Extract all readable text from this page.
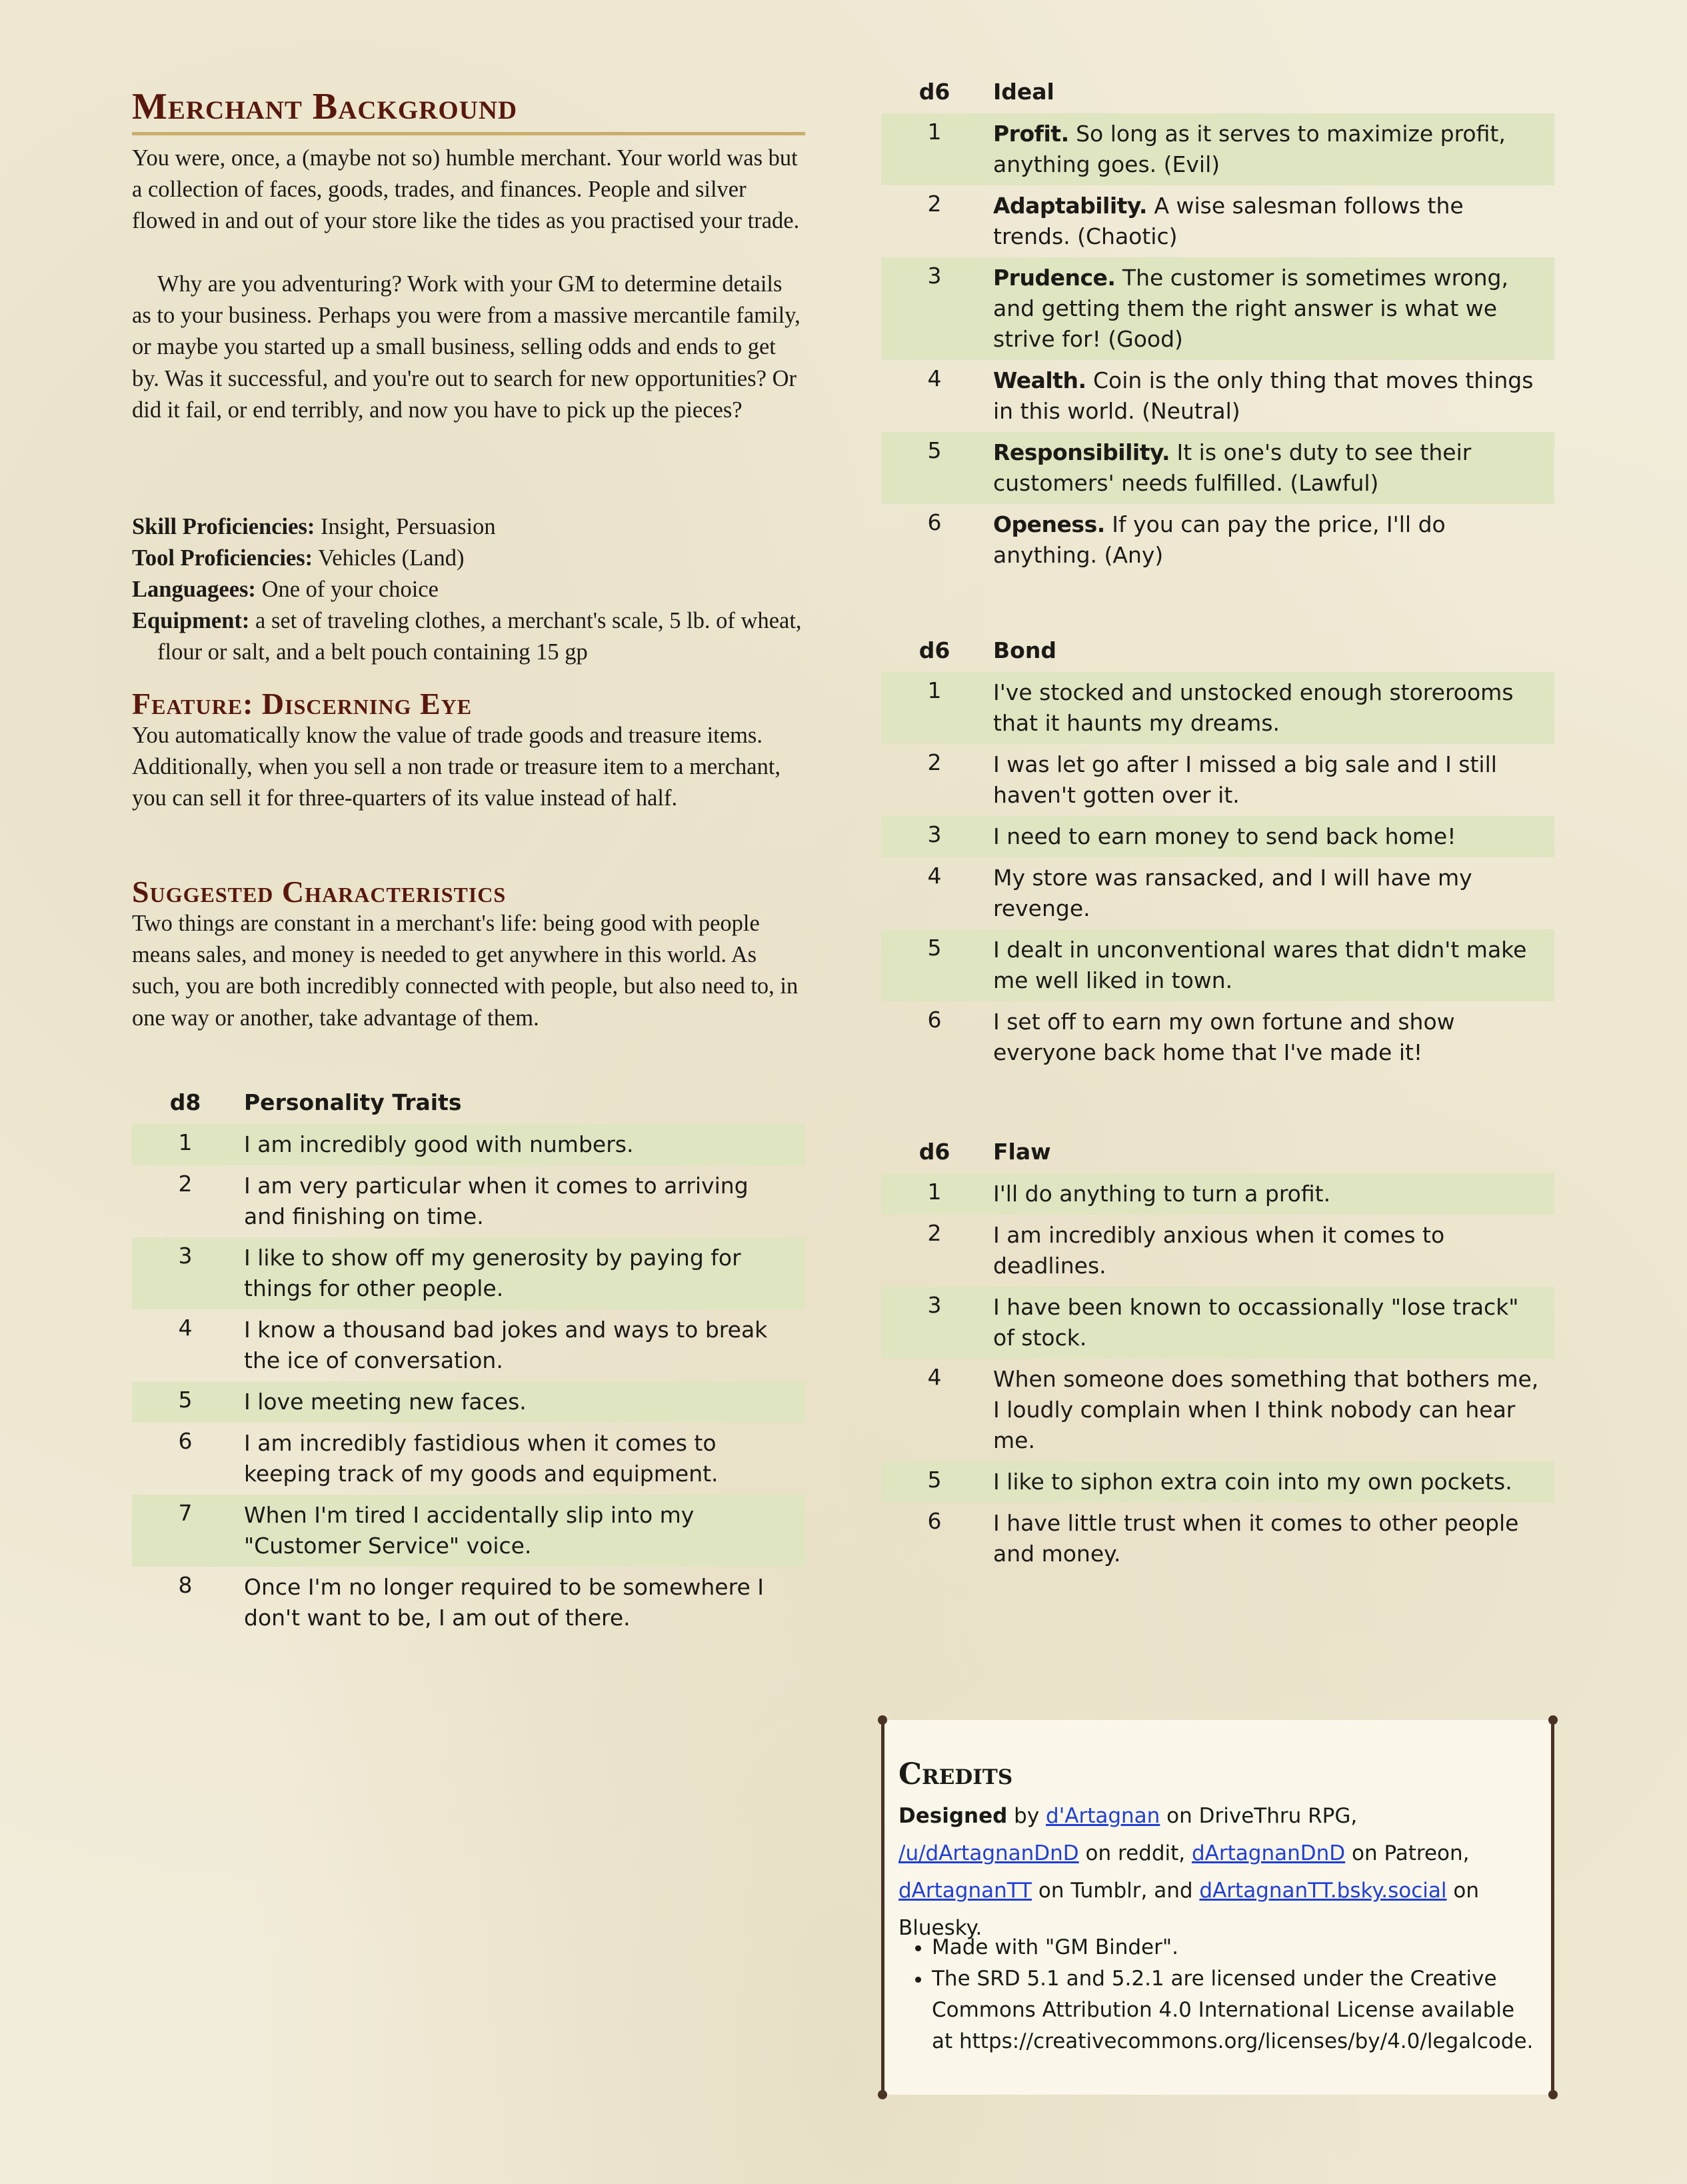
Merchant Background

You were, once, a (maybe not so) humble merchant. Your world was but a collection of faces, goods, trades, and finances. People and silver flowed in and out of your store like the tides as you practised your trade.

Why are you adventuring? Work with your GM to determine details as to your business. Perhaps you were from a massive mercantile family, or maybe you started up a small business, selling odds and ends to get by. Was it successful, and you're out to search for new opportunities? Or did it fail, or end terribly, and now you have to pick up the pieces?

Skill Proficiencies: Insight, Persuasion
Tool Proficiencies: Vehicles (Land)
Languagees: One of your choice
Equipment: a set of traveling clothes, a merchant's scale, 5 lb. of wheat, flour or salt, and a belt pouch containing 15 gp
Feature: Discerning Eye

You automatically know the value of trade goods and treasure items. Additionally, when you sell a non trade or treasure item to a merchant, you can sell it for three-quarters of its value instead of half.

Suggested Characteristics

Two things are constant in a merchant's life: being good with people means sales, and money is needed to get anywhere in this world. As such, you are both incredibly connected with people, but also need to, in one way or another, take advantage of them.

d8	Personality Traits
1	I am incredibly good with numbers.
2	I am very particular when it comes to arriving and finishing on time.
3	I like to show off my generosity by paying for things for other people.
4	I know a thousand bad jokes and ways to break the ice of conversation.
5	I love meeting new faces.
6	I am incredibly fastidious when it comes to keeping track of my goods and equipment.
7	When I'm tired I accidentally slip into my "Customer Service" voice.
8	Once I'm no longer required to be somewhere I don't want to be, I am out of there.
d6	Ideal
1	Profit. So long as it serves to maximize profit, anything goes. (Evil)
2	Adaptability. A wise salesman follows the trends. (Chaotic)
3	Prudence. The customer is sometimes wrong, and getting them the right answer is what we strive for! (Good)
4	Wealth. Coin is the only thing that moves things in this world. (Neutral)
5	Responsibility. It is one's duty to see their customers' needs fulfilled. (Lawful)
6	Openess. If you can pay the price, I'll do anything. (Any)
d6	Bond
1	I've stocked and unstocked enough storerooms that it haunts my dreams.
2	I was let go after I missed a big sale and I still haven't gotten over it.
3	I need to earn money to send back home!
4	My store was ransacked, and I will have my revenge.
5	I dealt in unconventional wares that didn't make me well liked in town.
6	I set off to earn my own fortune and show everyone back home that I've made it!
d6	Flaw
1	I'll do anything to turn a profit.
2	I am incredibly anxious when it comes to deadlines.
3	I have been known to occassionally "lose track" of stock.
4	When someone does something that bothers me, I loudly complain when I think nobody can hear me.
5	I like to siphon extra coin into my own pockets.
6	I have little trust when it comes to other people and money.
Credits
Designed by d'Artagnan on DriveThru RPG, /u/dArtagnanDnD on reddit, dArtagnanDnD on Patreon, dArtagnanTT on Tumblr, and dArtagnanTT.bsky.social on Bluesky.
• Made with "GM Binder".
• The SRD 5.1 and 5.2.1 are licensed under the Creative Commons Attribution 4.0 International License available at https://creativecommons.org/licenses/by/4.0/legalcode.
